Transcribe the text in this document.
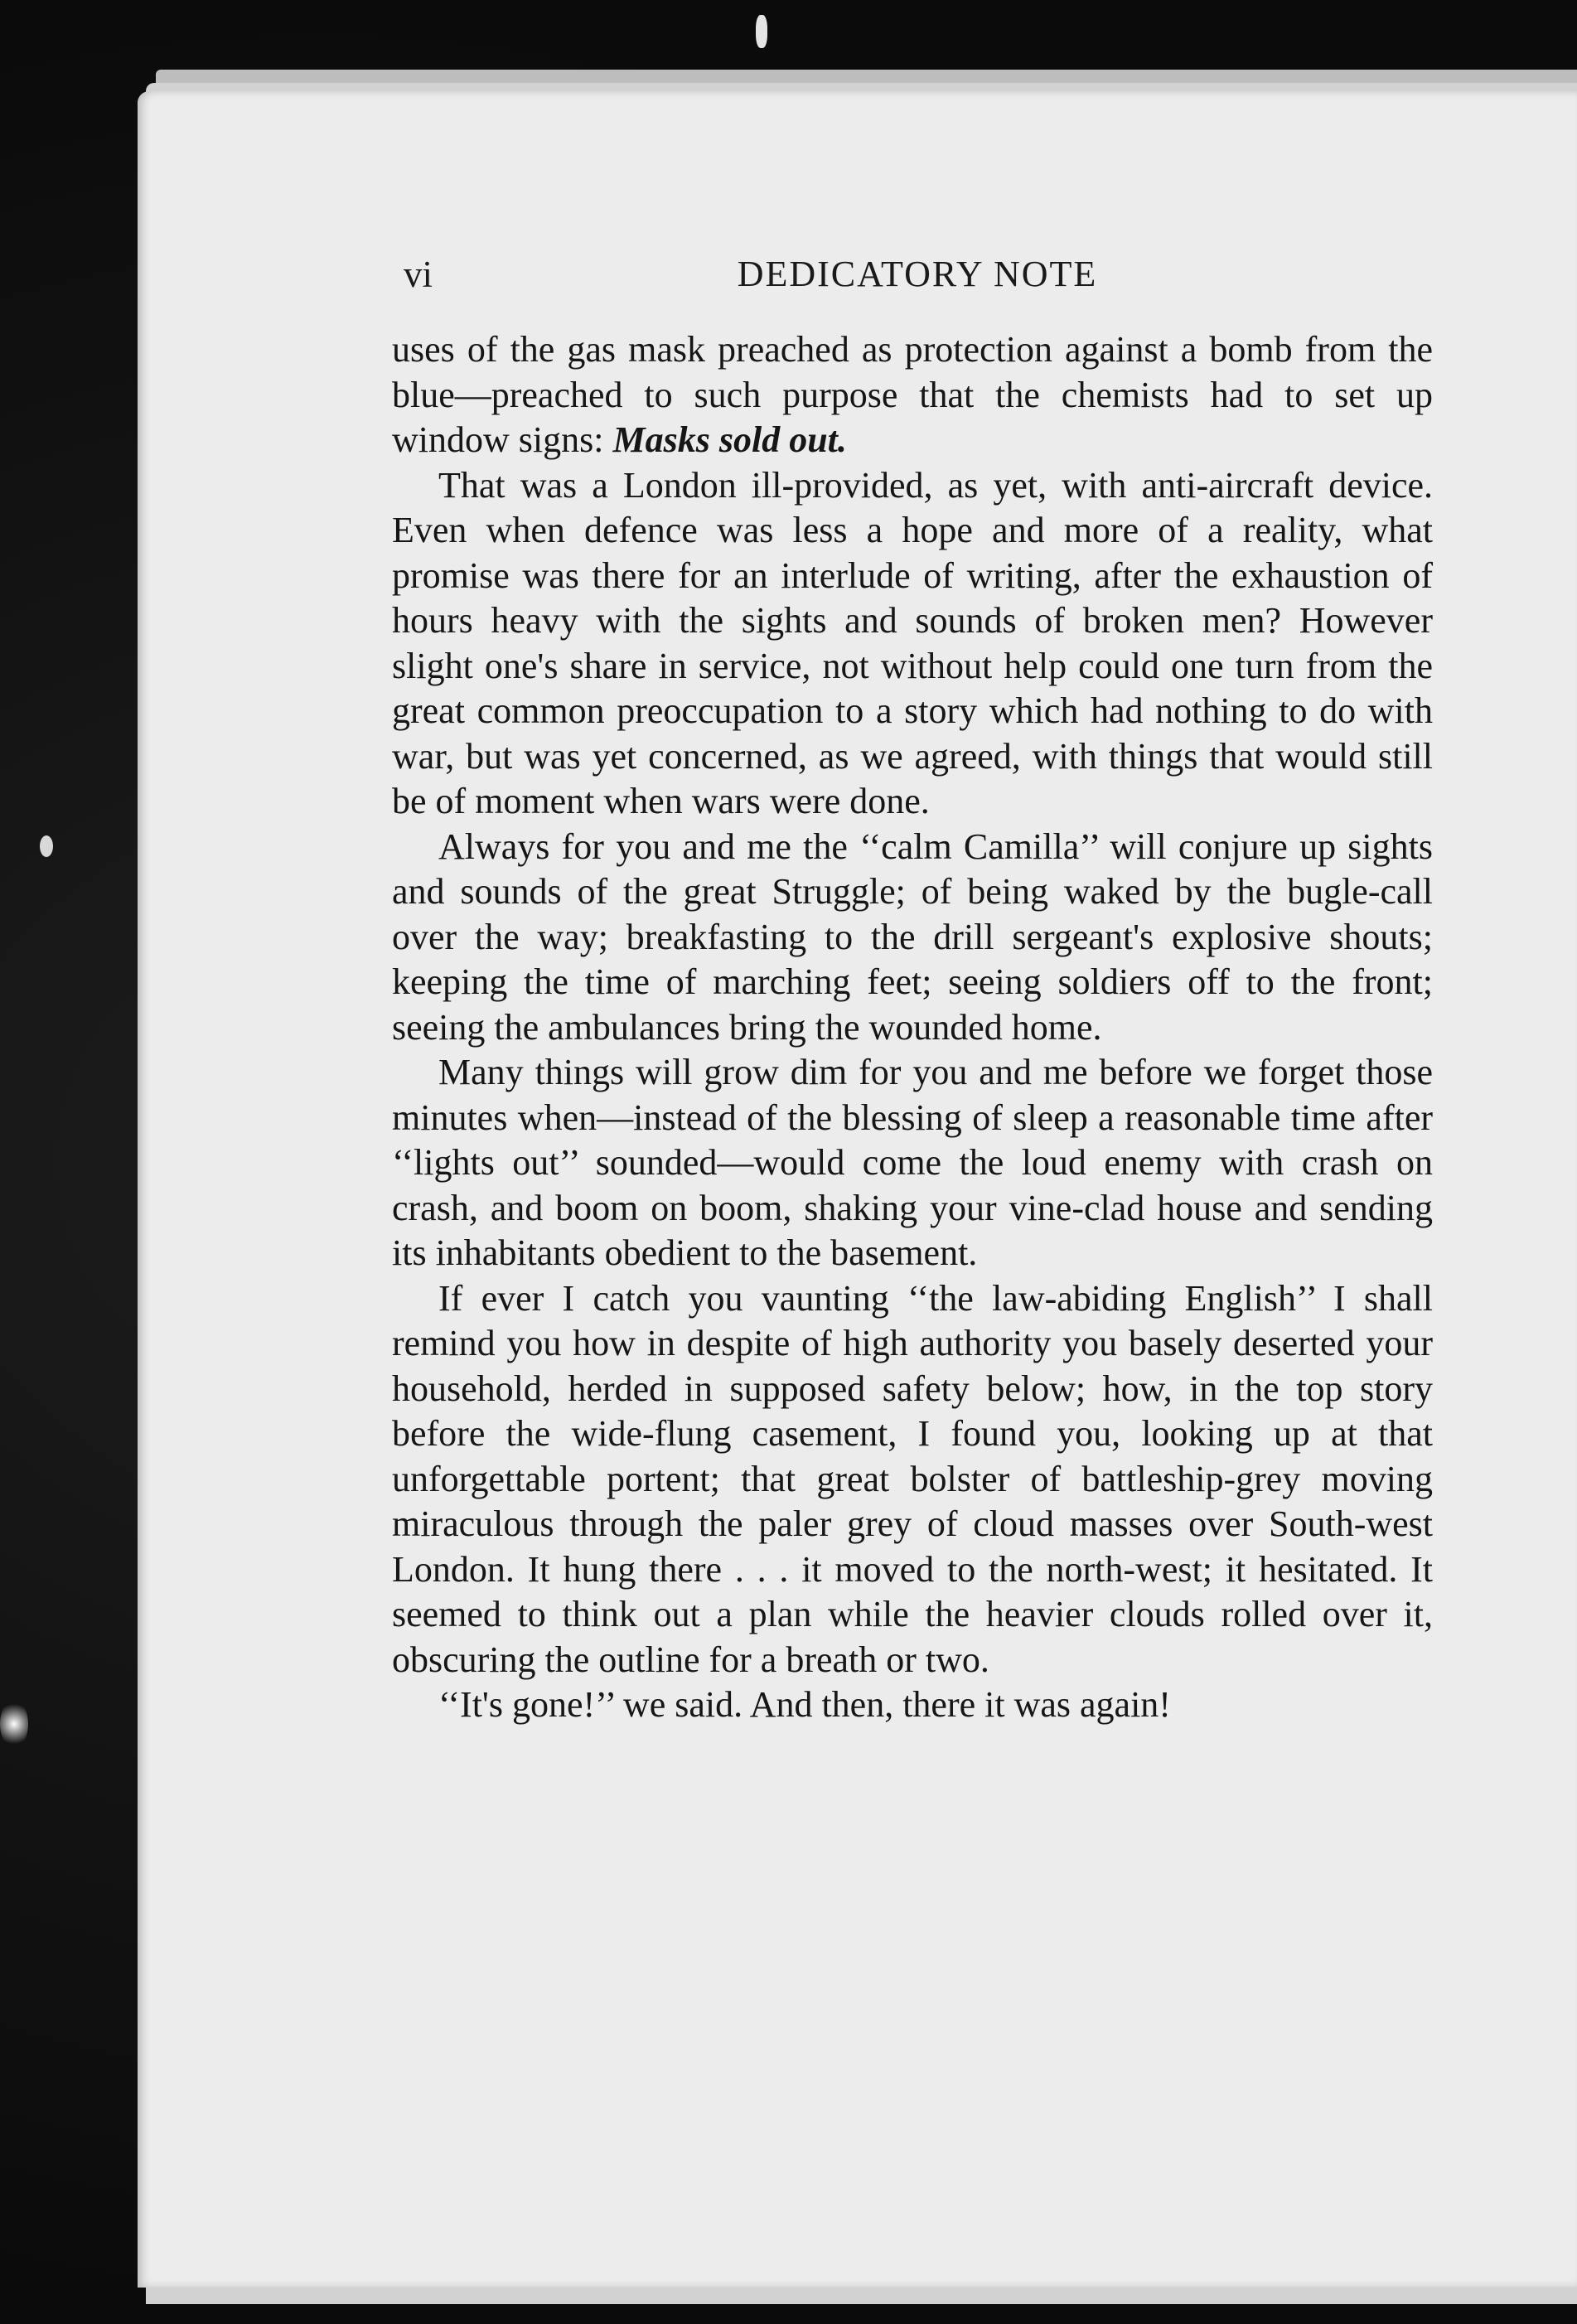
vi	DEDICATORY NOTE

uses of the gas mask preached as protection against a bomb from the blue—preached to such purpose that the chemists had to set up window signs: Masks sold out.

That was a London ill-provided, as yet, with anti-aircraft device. Even when defence was less a hope and more of a reality, what promise was there for an interlude of writing, after the exhaustion of hours heavy with the sights and sounds of broken men? However slight one's share in service, not without help could one turn from the great common preoccupation to a story which had nothing to do with war, but was yet concerned, as we agreed, with things that would still be of moment when wars were done.

Always for you and me the ‘‘calm Camilla’’ will conjure up sights and sounds of the great Struggle; of being waked by the bugle-call over the way; breakfasting to the drill sergeant's explosive shouts; keeping the time of marching feet; seeing soldiers off to the front; seeing the ambulances bring the wounded home.

Many things will grow dim for you and me before we forget those minutes when—instead of the blessing of sleep a reasonable time after ‘‘lights out’’ sounded—would come the loud enemy with crash on crash, and boom on boom, shaking your vine-clad house and sending its inhabitants obedient to the basement.

If ever I catch you vaunting ‘‘the law-abiding English’’ I shall remind you how in despite of high authority you basely deserted your household, herded in supposed safety below; how, in the top story before the wide-flung casement, I found you, looking up at that unforgettable portent; that great bolster of battleship-grey moving miraculous through the paler grey of cloud masses over South-west London. It hung there . . . it moved to the north-west; it hesitated. It seemed to think out a plan while the heavier clouds rolled over it, obscuring the outline for a breath or two.

‘‘It's gone!’’ we said. And then, there it was again!
